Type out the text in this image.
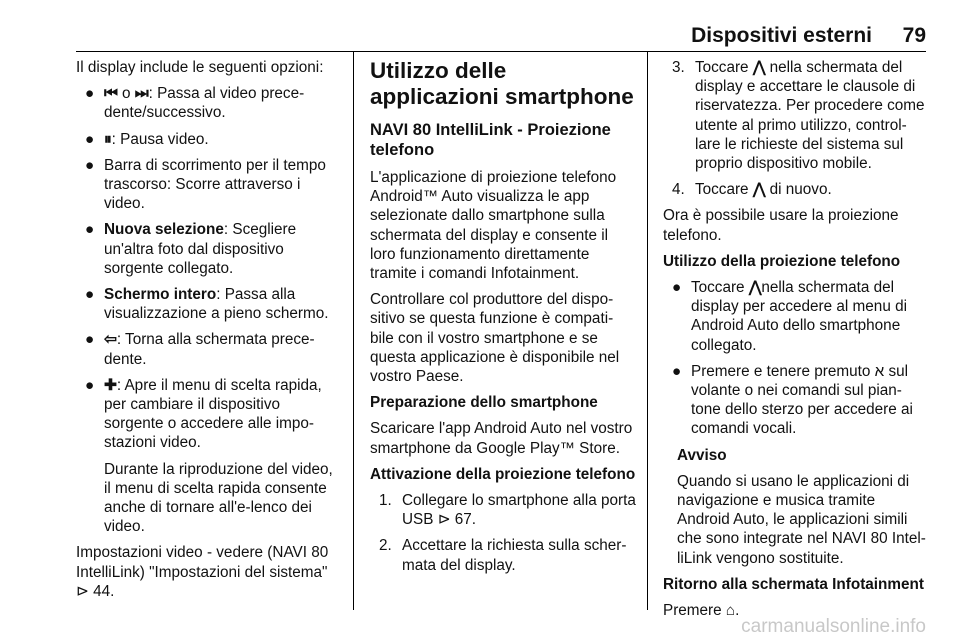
Dispositivi esterni 79

Il display include le seguenti opzioni:

● ⏮ o ⏭: Passa al video prece-dente/successivo.
● ⏸: Pausa video.
● Barra di scorrimento per il tempo trascorso: Scorre attraverso i video.
● Nuova selezione: Scegliere un'altra foto dal dispositivo sorgente collegato.
● Schermo intero: Passa alla visualizzazione a pieno schermo.
● ⇦: Torna alla schermata prece-dente.
● ✚: Apre il menu di scelta rapida, per cambiare il dispositivo sorgente o accedere alle impo-stazioni video.

Durante la riproduzione del video, il menu di scelta rapida consente anche di tornare all'e-lenco dei video.

Impostazioni video - vedere (NAVI 80 IntelliLink) "Impostazioni del sistema" ⊳ 44.

Utilizzo delle applicazioni smartphone
NAVI 80 IntelliLink - Proiezione telefono

L'applicazione di proiezione telefono Android™ Auto visualizza le app selezionate dallo smartphone sulla schermata del display e consente il loro funzionamento direttamente tramite i comandi Infotainment.

Controllare col produttore del dispo-sitivo se questa funzione è compati-bile con il vostro smartphone e se questa applicazione è disponibile nel vostro Paese.

Preparazione dello smartphone

Scaricare l'app Android Auto nel vostro smartphone da Google Play™ Store.

Attivazione della proiezione telefono

1. Collegare lo smartphone alla porta USB ⊳ 67.
2. Accettare la richiesta sulla scher-mata del display.
3. Toccare ⋀ nella schermata del display e accettare le clausole di riservatezza. Per procedere come utente al primo utilizzo, control-lare le richieste del sistema sul proprio dispositivo mobile.
4. Toccare ⋀ di nuovo.

Ora è possibile usare la proiezione telefono.

Utilizzo della proiezione telefono

● Toccare ⋀nella schermata del display per accedere al menu di Android Auto dello smartphone collegato.
● Premere e tenere premuto ﬡ sul volante o nei comandi sul pian-tone dello sterzo per accedere ai comandi vocali.

Avviso

Quando si usano le applicazioni di navigazione e musica tramite Android Auto, le applicazioni simili che sono integrate nel NAVI 80 Intel-liLink vengono sostituite.

Ritorno alla schermata Infotainment

Premere ⌂.

carmanualsonline.info
